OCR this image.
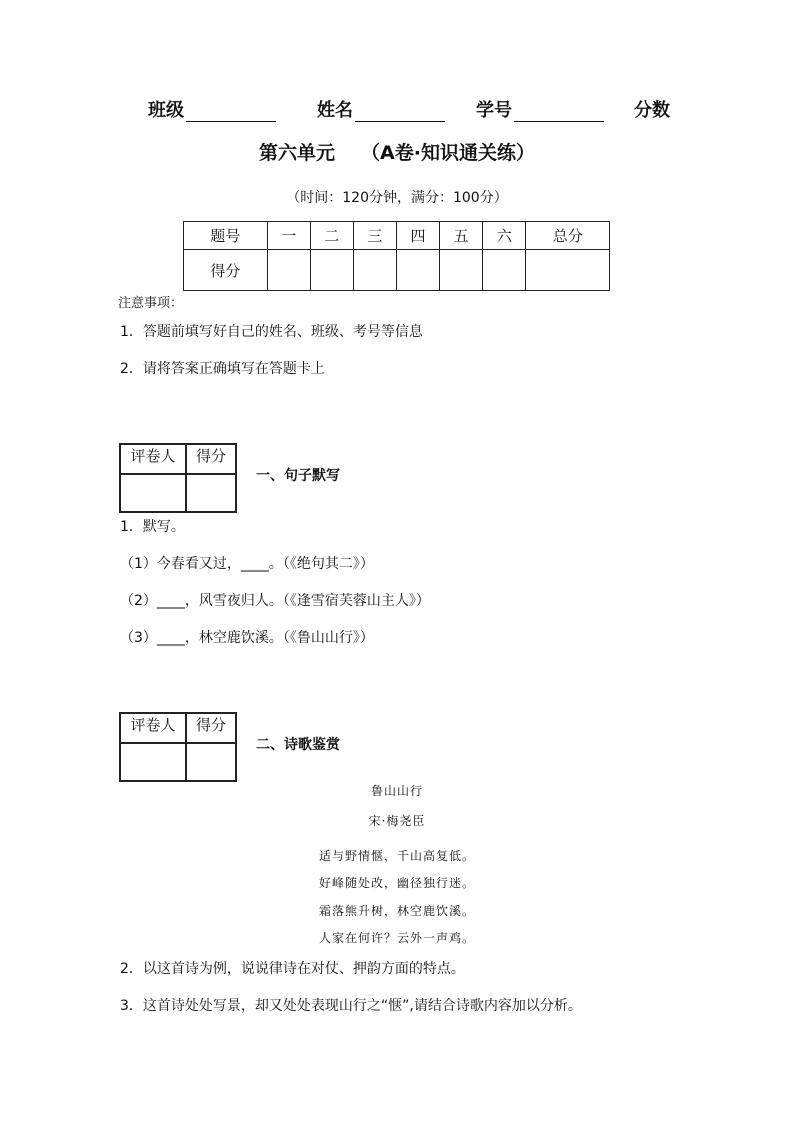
班级	姓名	学号	分数
第六单元 （A卷·知识通关练）
（时间：120分钟，满分：100分）
题号	一	二	三	四	五	六	总分
得分							
注意事项：
1．答题前填写好自己的姓名、班级、考号等信息
2．请将答案正确填写在答题卡上
评卷人	得分

一、句子默写
1．默写。
（1）今春看又过，____。（《绝句其二》）
（2）____，风雪夜归人。（《逢雪宿芙蓉山主人》）
（3）____，林空鹿饮溪。（《鲁山山行》）
评卷人	得分

二、诗歌鉴赏
鲁山山行
宋·梅尧臣
适与野情惬，千山高复低。
好峰随处改，幽径独行迷。
霜落熊升树，林空鹿饮溪。
人家在何许？云外一声鸡。
2．以这首诗为例，说说律诗在对仗、押韵方面的特点。
3．这首诗处处写景，却又处处表现山行之“惬”,请结合诗歌内容加以分析。
